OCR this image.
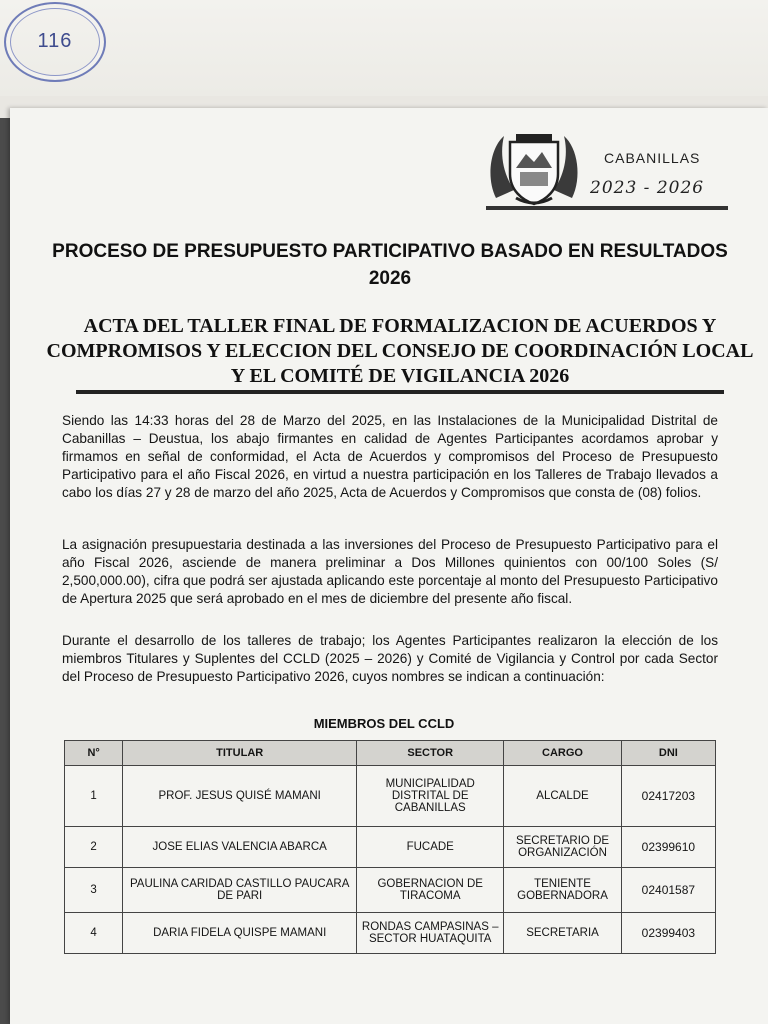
116
CABANILLAS
2023 - 2026
PROCESO DE PRESUPUESTO PARTICIPATIVO BASADO EN RESULTADOS 2026
ACTA DEL TALLER FINAL DE FORMALIZACION DE ACUERDOS Y COMPROMISOS Y ELECCION DEL CONSEJO DE COORDINACIÓN LOCAL Y EL COMITÉ DE VIGILANCIA 2026
Siendo las 14:33 horas del 28 de Marzo del 2025, en las Instalaciones de la Municipalidad Distrital de Cabanillas – Deustua, los abajo firmantes en calidad de Agentes Participantes acordamos aprobar y firmamos en señal de conformidad, el Acta de Acuerdos y compromisos del Proceso de Presupuesto Participativo para el año Fiscal 2026, en virtud a nuestra participación en los Talleres de Trabajo llevados a cabo los días 27 y 28 de marzo del año 2025, Acta de Acuerdos y Compromisos que consta de (08) folios.
La asignación presupuestaria destinada a las inversiones del Proceso de Presupuesto Participativo para el año Fiscal 2026, asciende de manera preliminar a Dos Millones quinientos con 00/100 Soles (S/ 2,500,000.00), cifra que podrá ser ajustada aplicando este porcentaje al monto del Presupuesto Participativo de Apertura 2025 que será aprobado en el mes de diciembre del presente año fiscal.
Durante el desarrollo de los talleres de trabajo; los Agentes Participantes realizaron la elección de los miembros Titulares y Suplentes del CCLD (2025 – 2026) y Comité de Vigilancia y Control por cada Sector del Proceso de Presupuesto Participativo 2026, cuyos nombres se indican a continuación:
MIEMBROS DEL CCLD
N°	TITULAR	SECTOR	CARGO	DNI
1	PROF. JESUS QUISÉ MAMANI	MUNICIPALIDAD DISTRITAL DE CABANILLAS	ALCALDE	02417203
2	JOSE ELIAS VALENCIA ABARCA	FUCADE	SECRETARIO DE ORGANIZACIÓN	02399610
3	PAULINA CARIDAD CASTILLO PAUCARA DE PARI	GOBERNACION DE TIRACOMA	TENIENTE GOBERNADORA	02401587
4	DARIA FIDELA QUISPE MAMANI	RONDAS CAMPASINAS – SECTOR HUATAQUITA	SECRETARIA	02399403
